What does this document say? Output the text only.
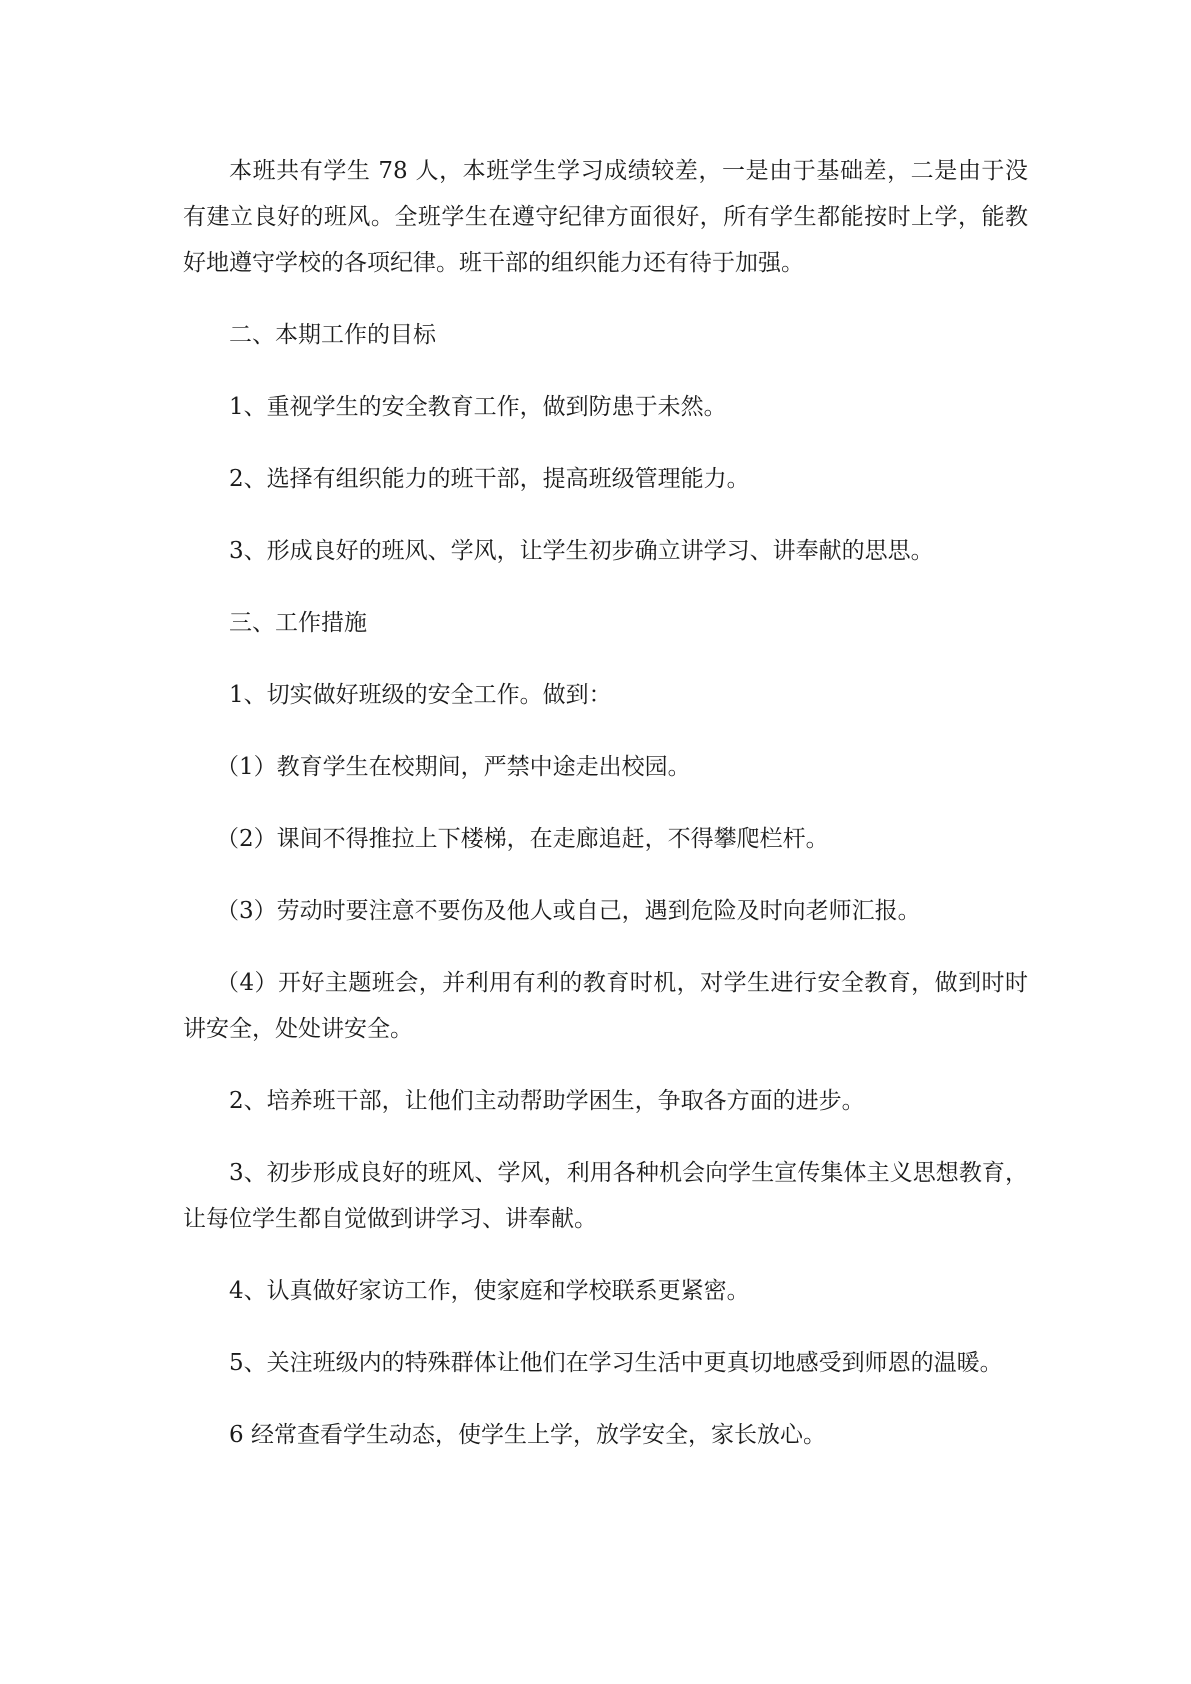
本班共有学生 78 人，本班学生学习成绩较差，一是由于基础差，二是由于没有建立良好的班风。全班学生在遵守纪律方面很好，所有学生都能按时上学，能教好地遵守学校的各项纪律。班干部的组织能力还有待于加强。

二、本期工作的目标

1、重视学生的安全教育工作，做到防患于未然。

2、选择有组织能力的班干部，提高班级管理能力。

3、形成良好的班风、学风，让学生初步确立讲学习、讲奉献的思思。

三、工作措施

1、切实做好班级的安全工作。做到：

（1）教育学生在校期间，严禁中途走出校园。

（2）课间不得推拉上下楼梯，在走廊追赶，不得攀爬栏杆。

（3）劳动时要注意不要伤及他人或自己，遇到危险及时向老师汇报。

（4）开好主题班会，并利用有利的教育时机，对学生进行安全教育，做到时时讲安全，处处讲安全。

2、培养班干部，让他们主动帮助学困生，争取各方面的进步。

3、初步形成良好的班风、学风，利用各种机会向学生宣传集体主义思想教育，让每位学生都自觉做到讲学习、讲奉献。

4、认真做好家访工作，使家庭和学校联系更紧密。

5、关注班级内的特殊群体让他们在学习生活中更真切地感受到师恩的温暖。

6 经常查看学生动态，使学生上学，放学安全，家长放心。
